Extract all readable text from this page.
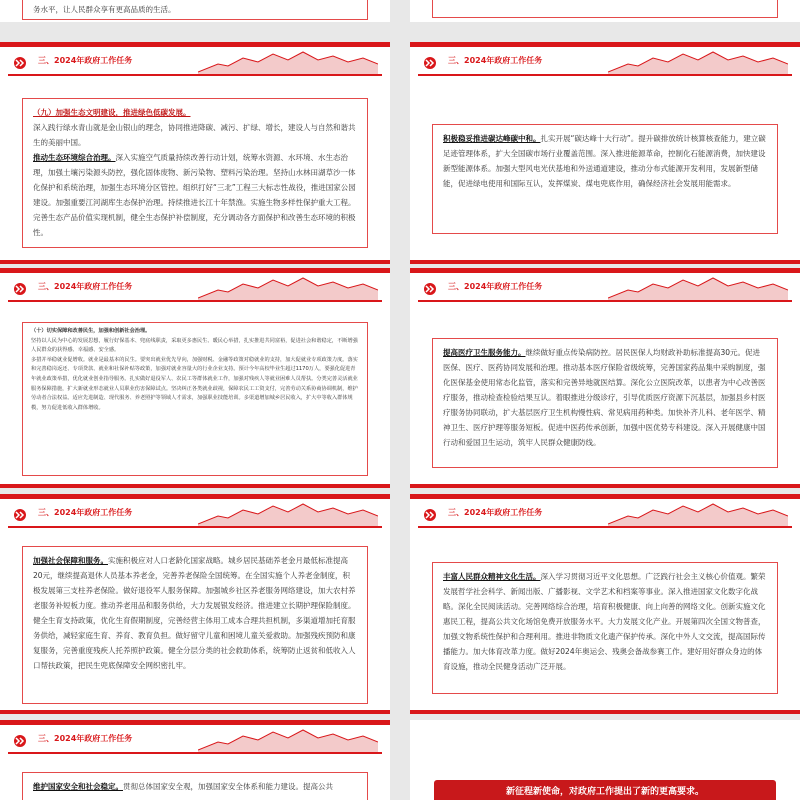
务水平，让人民群众享有更高品质的生活。

三、2024年政府工作任务

（九）加强生态文明建设，推进绿色低碳发展。

深入践行绿水青山就是金山银山的理念，协同推进降碳、减污、扩绿、增长，建设人与自然和谐共生的美丽中国。

推动生态环境综合治理。深入实施空气质量持续改善行动计划，统筹水资源、水环境、水生态治理，加强土壤污染源头防控，强化固体废物、新污染物、塑料污染治理。坚持山水林田湖草沙一体化保护和系统治理，加强生态环境分区管控。组织打好“三北”工程三大标志性战役，推进国家公园建设。加强重要江河湖库生态保护治理。持续推进长江十年禁渔。实施生物多样性保护重大工程。完善生态产品价值实现机制，健全生态保护补偿制度，充分调动各方面保护和改善生态环境的积极性。

三、2024年政府工作任务

积极稳妥推进碳达峰碳中和。扎实开展“碳达峰十大行动”。提升碳排放统计核算核查能力，建立碳足迹管理体系，扩大全国碳市场行业覆盖范围。深入推进能源革命，控制化石能源消费，加快建设新型能源体系。加强大型风电光伏基地和外送通道建设，推动分布式能源开发利用，发展新型储能，促进绿电使用和国际互认，发挥煤炭、煤电兜底作用，确保经济社会发展用能需求。

三、2024年政府工作任务

（十）切实保障和改善民生，加强和创新社会治理。

坚持以人民为中心的发展思想，履行好保基本、兜底线职责，采取更多惠民生、暖民心举措，扎实推进共同富裕，促进社会和谐稳定，不断增强人民群众的获得感、幸福感、安全感。

多措并举稳就业促增收。就业是最基本的民生。要突出就业优先导向，加强财税、金融等政策对稳就业的支持，加大促就业专项政策力度。落实和完善稳岗返还、专项贷款、就业和社保补贴等政策，加强对就业容量大的行业企业支持。预计今年高校毕业生超过1170万人，要强化促进青年就业政策举措，优化就业创业指导服务。扎实做好退役军人、农民工等群体就业工作，加强对残疾人等就业困难人员帮扶。分类完善灵活就业服务保障措施，扩大新就业形态就业人员职业伤害保障试点。坚决纠正各类就业歧视，保障农民工工资支付，完善劳动关系协商协调机制，维护劳动者合法权益。适应先进制造、现代服务、养老照护等领域人才需求，加强职业技能培训。多渠道增加城乡居民收入，扩大中等收入群体规模，努力促进低收入群体增收。

三、2024年政府工作任务

提高医疗卫生服务能力。继续做好重点传染病防控。居民医保人均财政补助标准提高30元。促进医保、医疗、医药协同发展和治理。推动基本医疗保险省级统筹，完善国家药品集中采购制度，强化医保基金使用常态化监管，落实和完善异地就医结算。深化公立医院改革，以患者为中心改善医疗服务，推动检查检验结果互认。着眼推进分级诊疗，引导优质医疗资源下沉基层，加强县乡村医疗服务协同联动，扩大基层医疗卫生机构慢性病、常见病用药种类。加快补齐儿科、老年医学、精神卫生、医疗护理等服务短板。促进中医药传承创新，加强中医优势专科建设。深入开展健康中国行动和爱国卫生运动，筑牢人民群众健康防线。

三、2024年政府工作任务

加强社会保障和服务。实施积极应对人口老龄化国家战略。城乡居民基础养老金月最低标准提高20元，继续提高退休人员基本养老金，完善养老保险全国统筹。在全国实施个人养老金制度，积极发展第三支柱养老保险。做好退役军人服务保障。加强城乡社区养老服务网络建设，加大农村养老服务补短板力度。推动养老用品和服务供给，大力发展银发经济。推进建立长期护理保险制度。健全生育支持政策，优化生育假期制度，完善经营主体用工成本合理共担机制，多渠道增加托育服务供给，减轻家庭生育、养育、教育负担。做好留守儿童和困境儿童关爱救助。加强残疾预防和康复服务，完善重度残疾人托养照护政策。健全分层分类的社会救助体系，统筹防止返贫和低收入人口帮扶政策，把民生兜底保障安全网织密扎牢。

三、2024年政府工作任务

丰富人民群众精神文化生活。深入学习贯彻习近平文化思想。广泛践行社会主义核心价值观。繁荣发展哲学社会科学、新闻出版、广播影视、文学艺术和档案等事业。深入推进国家文化数字化战略。深化全民阅读活动。完善网络综合治理，培育积极健康、向上向善的网络文化。创新实施文化惠民工程，提高公共文化场馆免费开放服务水平。大力发展文化产业。开展第四次全国文物普查，加强文物系统性保护和合理利用。推进非物质文化遗产保护传承。深化中外人文交流，提高国际传播能力。加大体育改革力度。做好2024年奥运会、残奥会备战参赛工作。建好用好群众身边的体育设施，推动全民健身活动广泛开展。

三、2024年政府工作任务

维护国家安全和社会稳定。贯彻总体国家安全观，加强国家安全体系和能力建设。提高公共

新征程新使命，对政府工作提出了新的更高要求。
